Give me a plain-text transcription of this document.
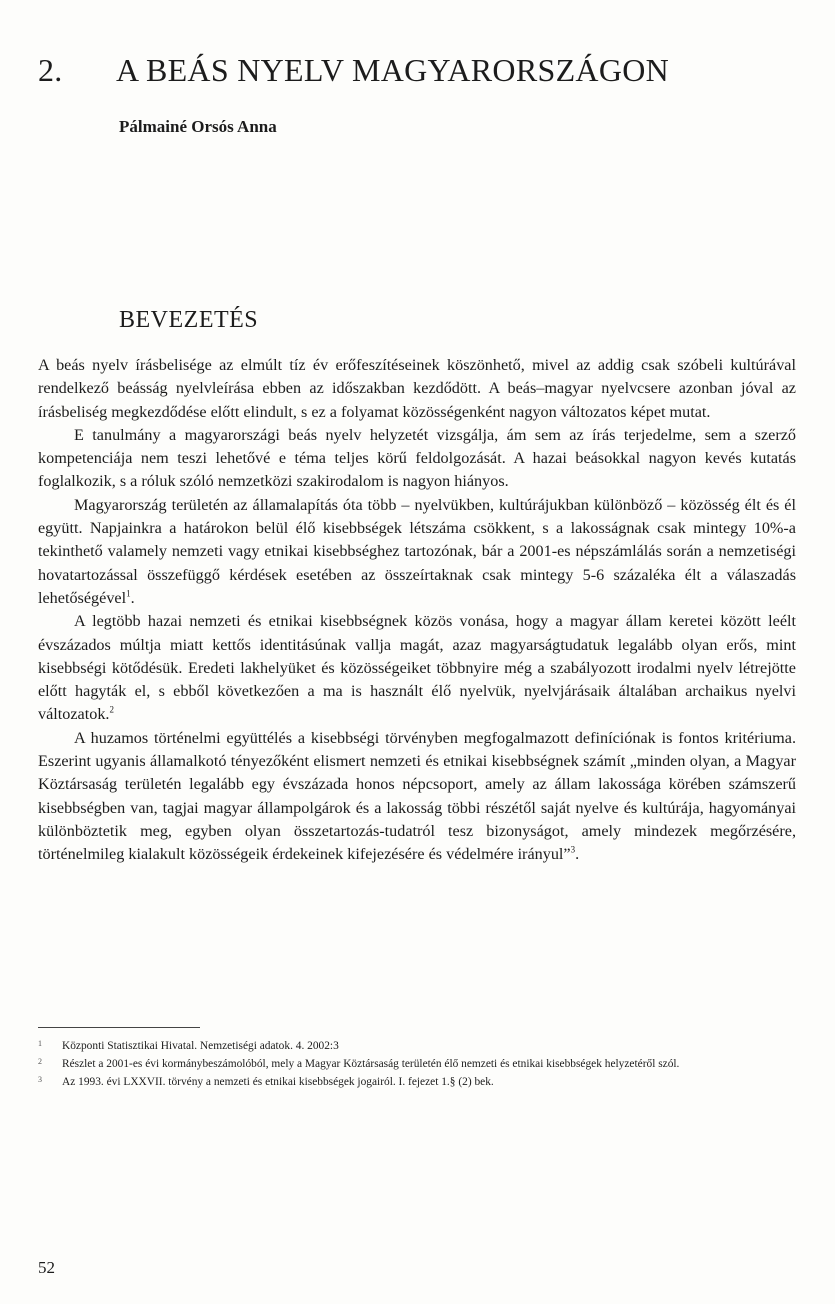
2. A BEÁS NYELV MAGYARORSZÁGON
Pálmainé Orsós Anna
BEVEZETÉS

A beás nyelv írásbelisége az elmúlt tíz év erőfeszítéseinek köszönhető, mivel az addig csak szóbeli kultúrával rendelkező beásság nyelvleírása ebben az időszakban kezdődött. A beás–magyar nyelvcsere azonban jóval az írásbeliség megkezdődése előtt elindult, s ez a folyamat közösségenként nagyon változatos képet mutat.

E tanulmány a magyarországi beás nyelv helyzetét vizsgálja, ám sem az írás terjedelme, sem a szerző kompetenciája nem teszi lehetővé e téma teljes körű feldolgozását. A hazai beásokkal nagyon kevés kutatás foglalkozik, s a róluk szóló nemzetközi szakirodalom is nagyon hiányos.

Magyarország területén az államalapítás óta több – nyelvükben, kultúrájukban különböző – közösség élt és él együtt. Napjainkra a határokon belül élő kisebbségek létszáma csökkent, s a lakosságnak csak mintegy 10%-a tekinthető valamely nemzeti vagy etnikai kisebbséghez tartozónak, bár a 2001-es népszámlálás során a nemzetiségi hovatartozással összefüggő kérdések esetében az összeírtaknak csak mintegy 5-6 százaléka élt a válaszadás lehetőségével$^1$.

A legtöbb hazai nemzeti és etnikai kisebbségnek közös vonása, hogy a magyar állam keretei között leélt évszázados múltja miatt kettős identitásúnak vallja magát, azaz magyarságtudatuk legalább olyan erős, mint kisebbségi kötődésük. Eredeti lakhelyüket és közösségeiket többnyire még a szabályozott irodalmi nyelv létrejötte előtt hagyták el, s ebből következően a ma is használt élő nyelvük, nyelvjárásaik általában archaikus nyelvi változatok.$^2$

A huzamos történelmi együttélés a kisebbségi törvényben megfogalmazott definíciónak is fontos kritériuma. Eszerint ugyanis államalkotó tényezőként elismert nemzeti és etnikai kisebbségnek számít „minden olyan, a Magyar Köztársaság területén legalább egy évszázada honos népcsoport, amely az állam lakossága körében számszerű kisebbségben van, tagjai magyar állampolgárok és a lakosság többi részétől saját nyelve és kultúrája, hagyományai különböztetik meg, egyben olyan összetartozás-tudatról tesz bizonyságot, amely mindezek megőrzésére, történelmileg kialakult közösségeik érdekeinek kifejezésére és védelmére irányul”$^3$.

1	Központi Statisztikai Hivatal. Nemzetiségi adatok. 4. 2002:3
2	Részlet a 2001-es évi kormánybeszámolóból, mely a Magyar Köztársaság területén élő nemzeti és etnikai kisebbségek helyzetéről szól.
3	Az 1993. évi LXXVII. törvény a nemzeti és etnikai kisebbségek jogairól. I. fejezet 1.§ (2) bek.
52
